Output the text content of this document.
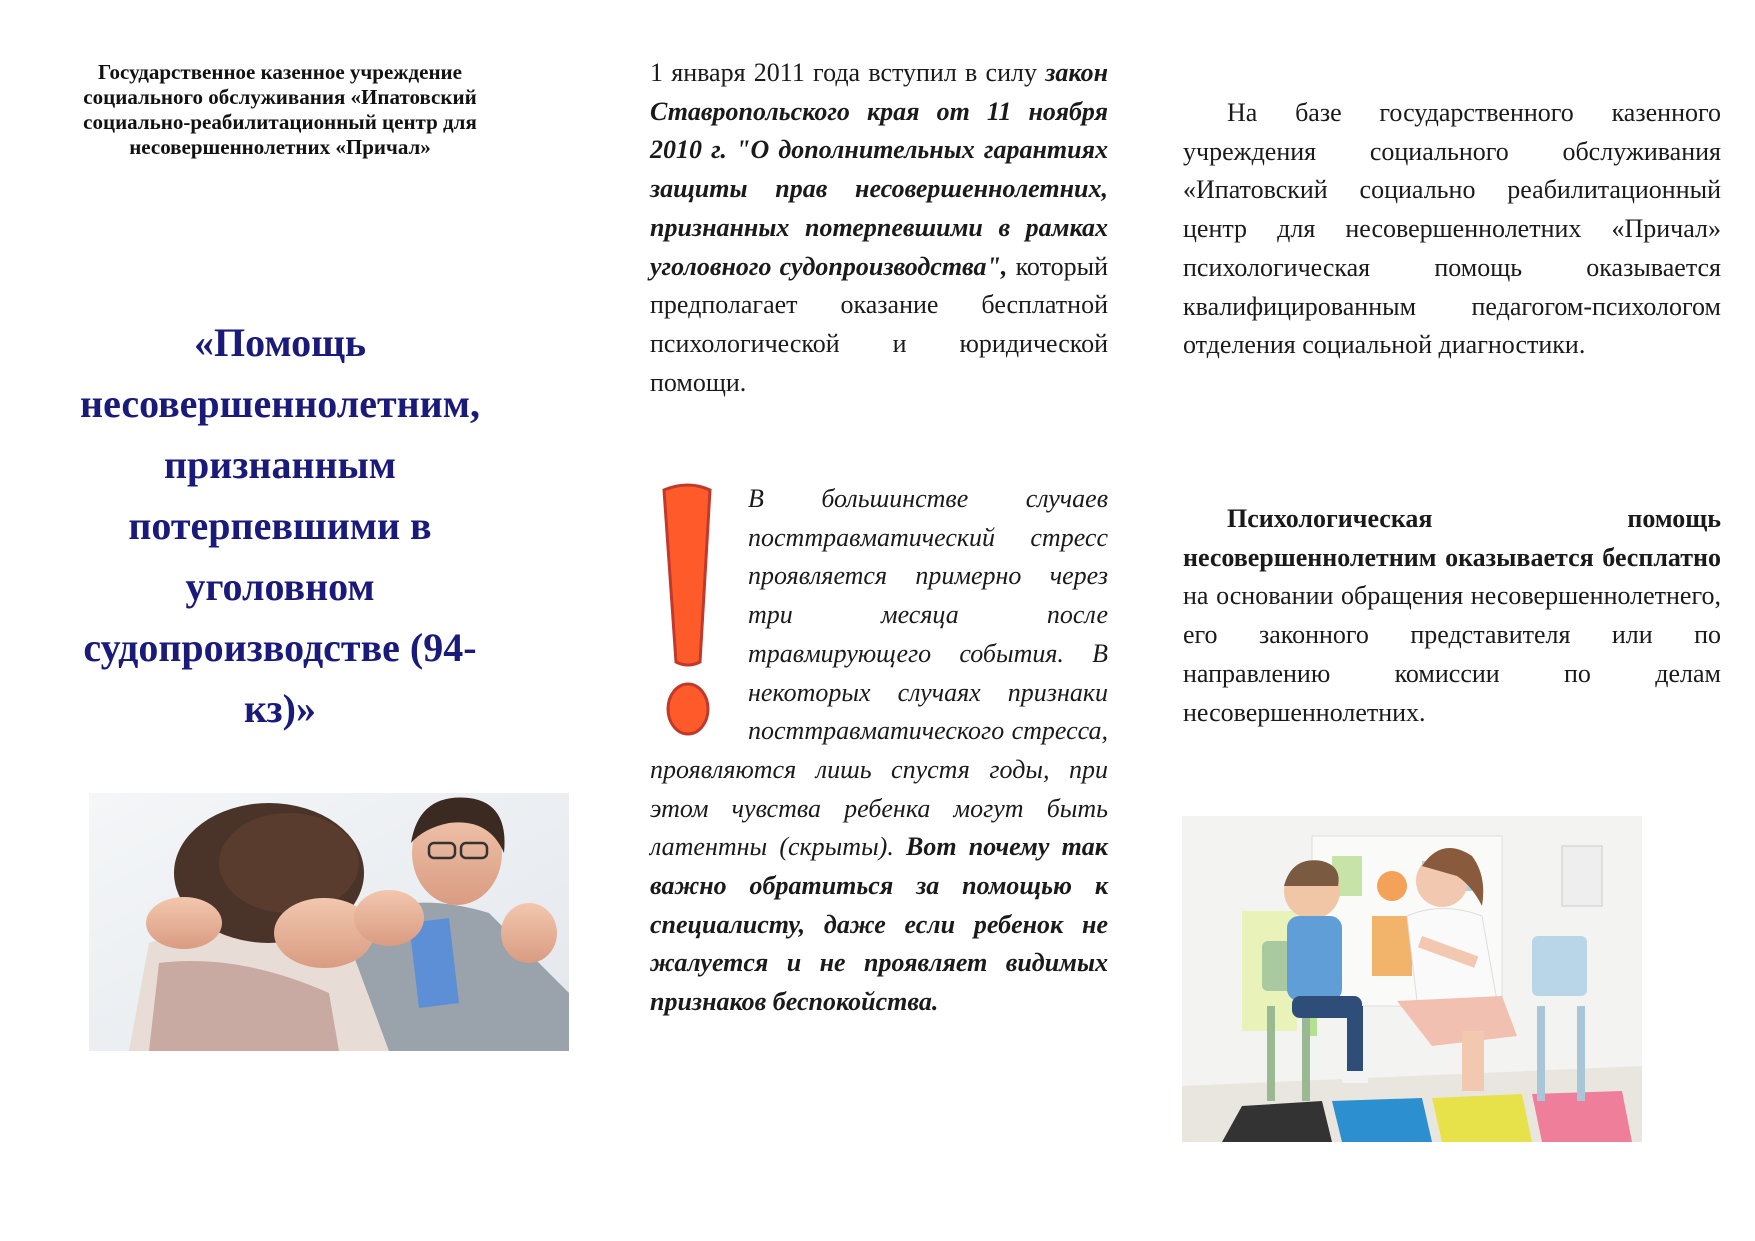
Государственное казенное учреждение социального обслуживания «Ипатовский социально-реабилитационный центр для несовершеннолетних «Причал»
«Помощь несовершеннолетним, признанным потерпевшими в уголовном судопроизводстве (94-кз)»

1 января 2011 года вступил в силу закон Ставропольского края от 11 ноября 2010 г. "О дополнительных гарантиях защиты прав несовершеннолетних, признанных потерпевшими в рамках уголовного судопроизводства", который предполагает оказание бесплатной психологической и юридической помощи.

В большинстве случаев посттравматический стресс проявляется примерно через три месяца после травмирующего события. В некоторых случаях признаки посттравматического стресса, проявляются лишь спустя годы, при этом чувства ребенка могут быть латентны (скрыты). Вот почему так важно обратиться за помощью к специалисту, даже если ребенок не жалуется и не проявляет видимых признаков беспокойства.

На базе государственного казенного учреждения социального обслуживания «Ипатовский социально реабилитационный центр для несовершеннолетних «Причал» психологическая помощь оказывается квалифицированным педагогом-психологом отделения социальной диагностики.

Психологическая помощь несовершеннолетним оказывается бесплатно на основании обращения несовершеннолетнего, его законного представителя или по направлению комиссии по делам несовершеннолетних.
